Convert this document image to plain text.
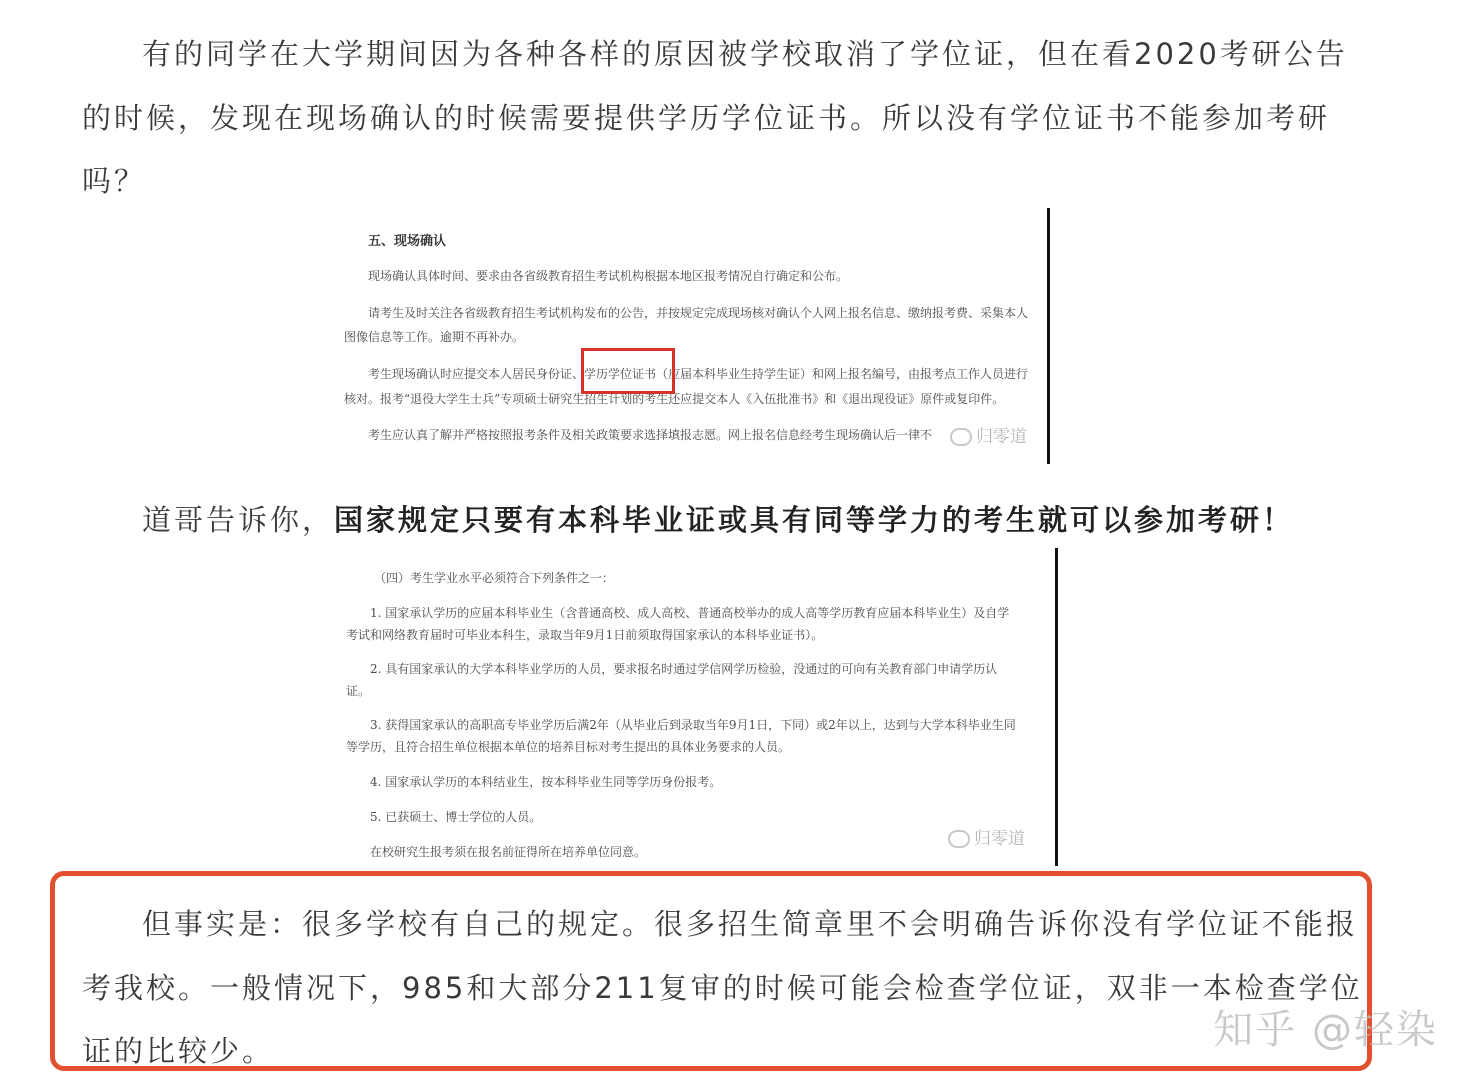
有的同学在大学期间因为各种各样的原因被学校取消了学位证，但在看2020考研公告

的时候，发现在现场确认的时候需要提供学历学位证书。所以没有学位证书不能参加考研

吗？

五、现场确认

现场确认具体时间、要求由各省级教育招生考试机构根据本地区报考情况自行确定和公布。

请考生及时关注各省级教育招生考试机构发布的公告，并按规定完成现场核对确认个人网上报名信息、缴纳报考费、采集本人

图像信息等工作。逾期不再补办。

考生现场确认时应提交本人居民身份证、学历学位证书（应届本科毕业生持学生证）和网上报名编号，由报考点工作人员进行

核对。报考“退役大学生士兵”专项硕士研究生招生计划的考生还应提交本人《入伍批准书》和《退出现役证》原件或复印件。

考生应认真了解并严格按照报考条件及相关政策要求选择填报志愿。网上报名信息经考生现场确认后一律不	归零道

道哥告诉你，国家规定只要有本科毕业证或具有同等学力的考生就可以参加考研！

（四）考生学业水平必须符合下列条件之一：

1. 国家承认学历的应届本科毕业生（含普通高校、成人高校、普通高校举办的成人高等学历教育应届本科毕业生）及自学

考试和网络教育届时可毕业本科生，录取当年9月1日前须取得国家承认的本科毕业证书）。

2. 具有国家承认的大学本科毕业学历的人员，要求报名时通过学信网学历检验，没通过的可向有关教育部门申请学历认

证。

3. 获得国家承认的高职高专毕业学历后满2年（从毕业后到录取当年9月1日，下同）或2年以上，达到与大学本科毕业生同

等学历，且符合招生单位根据本单位的培养目标对考生提出的具体业务要求的人员。

4. 国家承认学历的本科结业生，按本科毕业生同等学历身份报考。

5. 已获硕士、博士学位的人员。

在校研究生报考须在报名前征得所在培养单位同意。

归零道

但事实是：很多学校有自己的规定。很多招生简章里不会明确告诉你没有学位证不能报

考我校。一般情况下，985和大部分211复审的时候可能会检查学位证，双非一本检查学位

证的比较少。	知乎 @轻染
